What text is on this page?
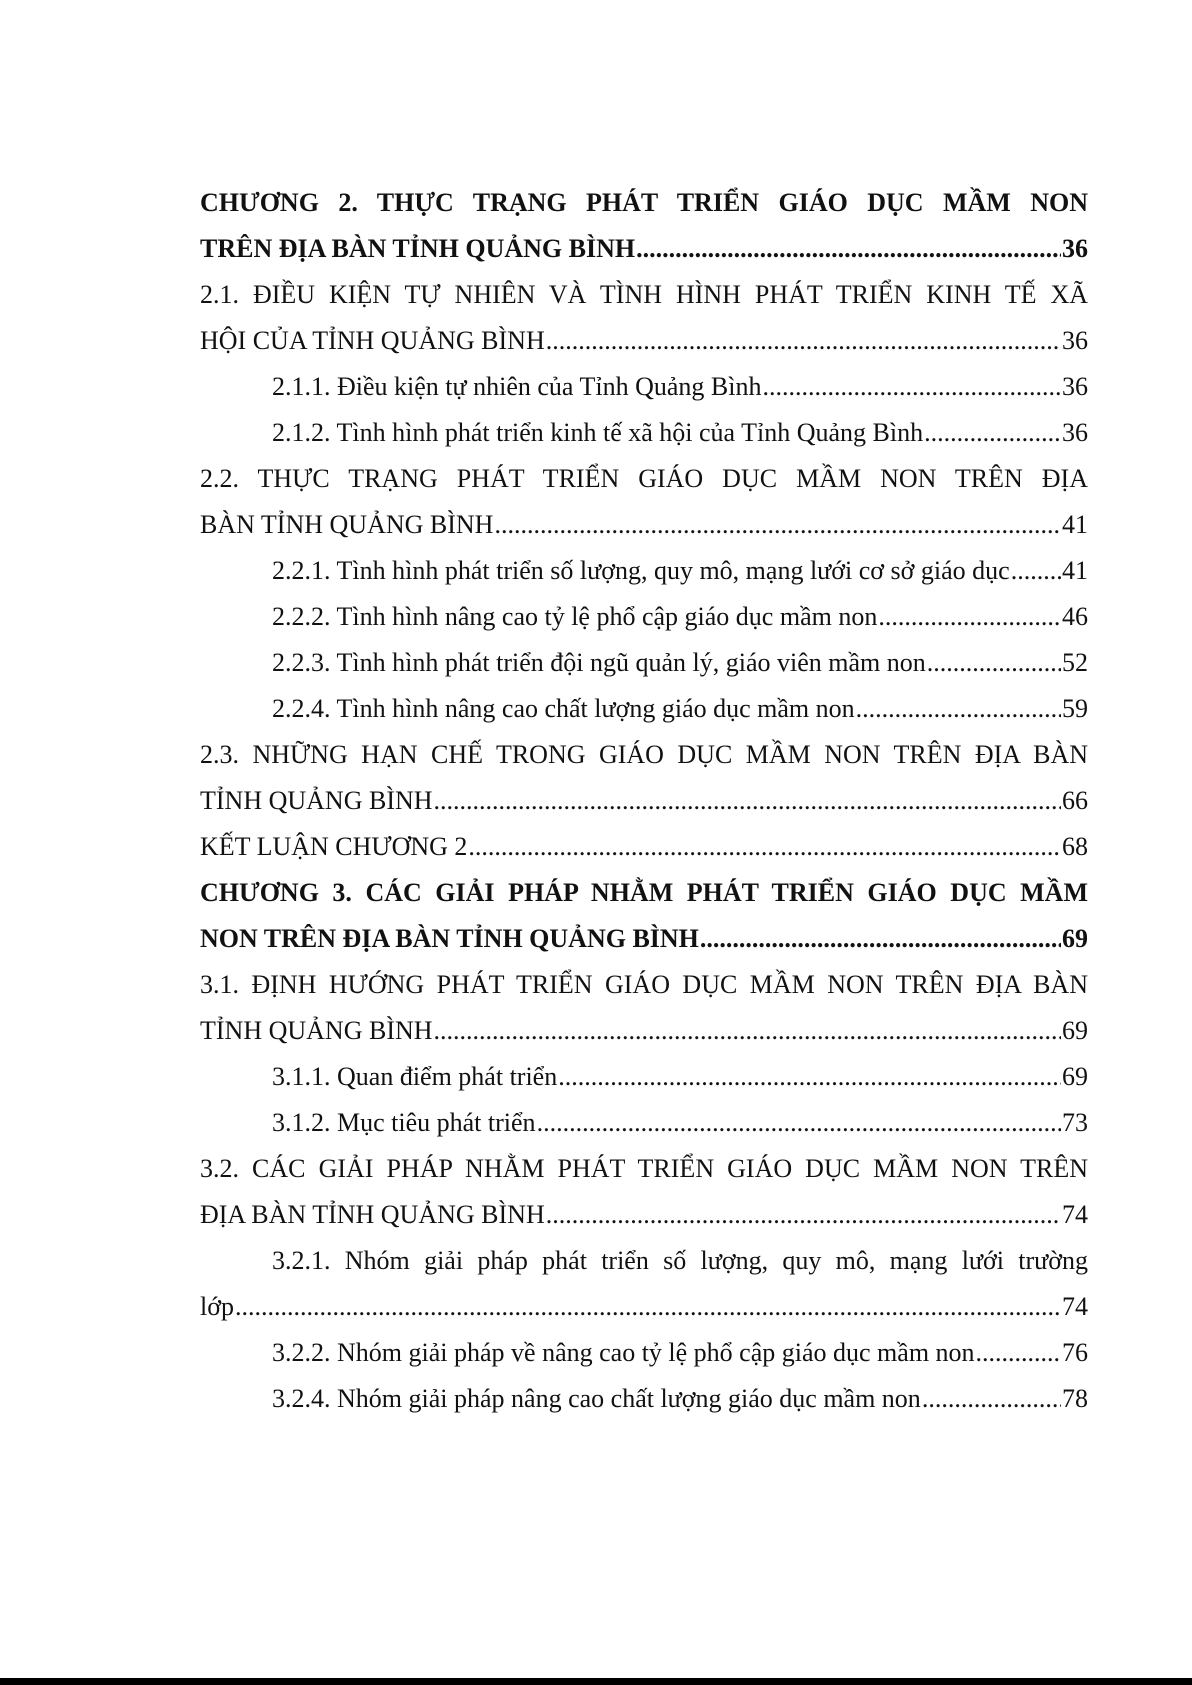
CHƯƠNG 2. THỰC TRẠNG PHÁT TRIỂN GIÁO DỤC MẦM NON
TRÊN ĐỊA BÀN TỈNH QUẢNG BÌNH .....	36
2.1. ĐIỀU KIỆN TỰ NHIÊN VÀ TÌNH HÌNH PHÁT TRIỂN KINH TẾ XÃ
HỘI CỦA TỈNH QUẢNG BÌNH .....	36
2.1.1. Điều kiện tự nhiên của Tỉnh Quảng Bình .....	36
2.1.2. Tình hình phát triển kinh tế xã hội của Tỉnh Quảng Bình .....	36
2.2. THỰC TRẠNG PHÁT TRIỂN GIÁO DỤC MẦM NON TRÊN ĐỊA
BÀN TỈNH QUẢNG BÌNH .....	41
2.2.1. Tình hình phát triển số lượng, quy mô, mạng lưới cơ sở giáo dục ..... 41
2.2.2. Tình hình nâng cao tỷ lệ phổ cập giáo dục mầm non .....	46
2.2.3. Tình hình phát triển đội ngũ quản lý, giáo viên mầm non .....	52
2.2.4. Tình hình nâng cao chất lượng giáo dục mầm non .....	59
2.3. NHỮNG HẠN CHẾ TRONG GIÁO DỤC MẦM NON TRÊN ĐỊA BÀN
TỈNH QUẢNG BÌNH .....	66
KẾT LUẬN CHƯƠNG 2 .....	68
CHƯƠNG 3. CÁC GIẢI PHÁP NHẰM PHÁT TRIỂN GIÁO DỤC MẦM
NON TRÊN ĐỊA BÀN TỈNH QUẢNG BÌNH .....	69
3.1. ĐỊNH HƯỚNG PHÁT TRIỂN GIÁO DỤC MẦM NON TRÊN ĐỊA BÀN
TỈNH QUẢNG BÌNH .....	69
3.1.1. Quan điểm phát triển .....	69
3.1.2. Mục tiêu phát triển .....	73
3.2. CÁC GIẢI PHÁP NHẰM PHÁT TRIỂN GIÁO DỤC MẦM NON TRÊN
ĐỊA BÀN TỈNH QUẢNG BÌNH .....	74
3.2.1. Nhóm giải pháp phát triển số lượng, quy mô, mạng lưới trường
lớp .....	74
3.2.2. Nhóm giải pháp về nâng cao tỷ lệ phổ cập giáo dục mầm non .....	76
3.2.4. Nhóm giải pháp nâng cao chất lượng giáo dục mầm non .....	78
